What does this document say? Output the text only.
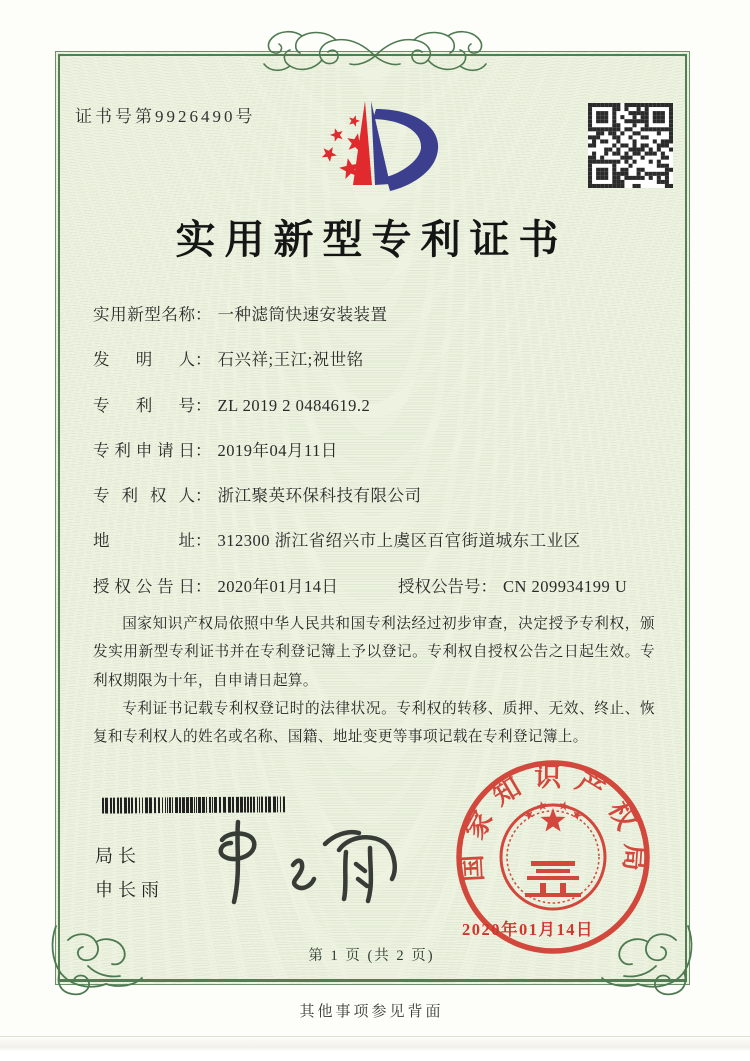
证书号第9926490号
实用新型专利证书
实用新型名称： 一种滤筒快速安装装置
发明人： 石兴祥;王江;祝世铭
专利号： ZL 2019 2 0484619.2
专利申请日： 2019年04月11日
专利权人： 浙江聚英环保科技有限公司
地址： 312300 浙江省绍兴市上虞区百官街道城东工业区
授权公告日： 2020年01月14日	授权公告号： CN 209934199 U

国家知识产权局依照中华人民共和国专利法经过初步审查，决定授予专利权，颁发实用新型专利证书并在专利登记簿上予以登记。专利权自授权公告之日起生效。专利权期限为十年，自申请日起算。

专利证书记载专利权登记时的法律状况。专利权的转移、质押、无效、终止、恢复和专利权人的姓名或名称、国籍、地址变更等事项记载在专利登记簿上。

局长
申长雨
国家知识产权局
2020年01月14日
第 1 页 (共 2 页)
其他事项参见背面
